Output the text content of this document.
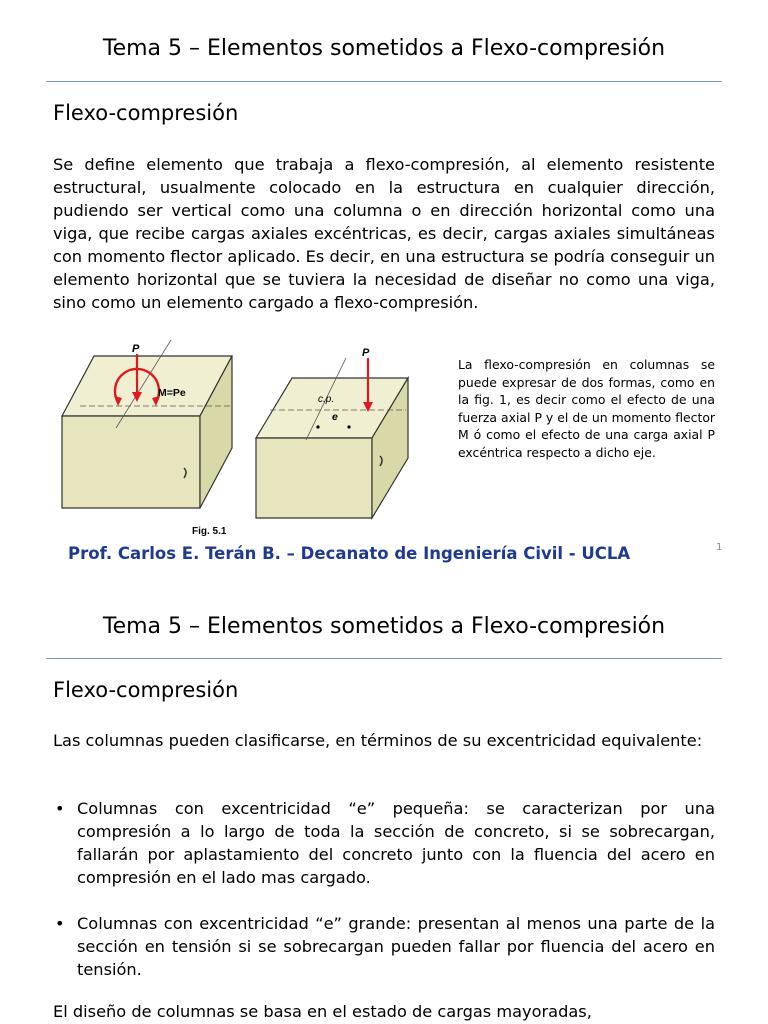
Tema 5 – Elementos sometidos a Flexo-compresión
Flexo-compresión
Se define elemento que trabaja a flexo-compresión, al elemento resistente estructural, usualmente colocado en la estructura en cualquier dirección, pudiendo ser vertical como una columna o en dirección horizontal como una viga, que recibe cargas axiales excéntricas, es decir, cargas axiales simultáneas con momento flector aplicado. Es decir, en una estructura se podría conseguir un elemento horizontal que se tuviera la necesidad de diseñar no como una viga, sino como un elemento cargado a flexo-compresión.
P
M=Pe
P
c.p.
e
Fig. 5.1
La flexo-compresión en columnas se puede expresar de dos formas, como en la fig. 1, es decir como el efecto de una fuerza axial P y el de un momento flector M ó como el efecto de una carga axial P excéntrica respecto a dicho eje.
Prof. Carlos E. Terán B. – Decanato de Ingeniería Civil - UCLA	1
Tema 5 – Elementos sometidos a Flexo-compresión
Flexo-compresión
Las columnas pueden clasificarse, en términos de su excentricidad equivalente:
• Columnas con excentricidad “e” pequeña: se caracterizan por una compresión a lo largo de toda la sección de concreto, si se sobrecargan, fallarán por aplastamiento del concreto junto con la fluencia del acero en compresión en el lado mas cargado.
• Columnas con excentricidad “e” grande: presentan al menos una parte de la sección en tensión si se sobrecargan pueden fallar por fluencia del acero en tensión.
El diseño de columnas se basa en el estado de cargas mayoradas,
